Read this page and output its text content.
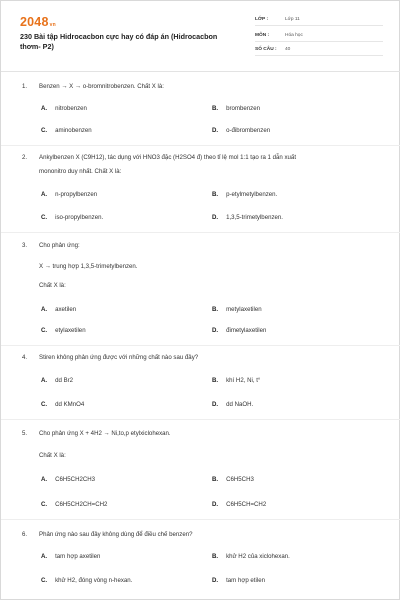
2048vn
230 Bài tập Hidrocacbon cực hay có đáp án (Hidrocacbon thơm- P2)
LỚP :	Lớp 11
MÔN :	Hóa học
SỐ CÂU : 40
1. Benzen → X → o-bromnitrobenzen. Chất X là:
A. nitrobenzen	B. brombenzen
C. aminobenzen	D. o-đibrombenzen
2. Ankylbenzen X (C9H12), tác dụng với HNO3 đặc (H2SO4 đ) theo tỉ lệ mol 1:1 tạo ra 1 dẫn xuất
mononitro duy nhất. Chất X là:
A. n-propylbenzen	B. p-etylmetylbenzen.
C. iso-propylbenzen.	D. 1,3,5-trimetylbenzen.
3. Cho phản ứng:
X → trung hợp 1,3,5-trimetylbenzen.
Chất X là:
A. axetilen	B. metylaxetilen
C. etylaxetilen	D. đimetylaxetilen
4. Stiren không phản ứng được với những chất nào sau đây?
A. dd Br2	B. khí H2, Ni, t°
C. dd KMnO4	D. dd NaOH.
5. Cho phản ứng X + 4H2 → Ni,to,p etylxiclohexan.
Chất X là:
A. C6H5CH2CH3	B. C6H5CH3
C. C6H5CH2CH=CH2	D. C6H5CH=CH2
6. Phản ứng nào sau đây không dùng để điều chế benzen?
A. tam hợp axetilen	B. khử H2 của xiclohexan.
C. khử H2, đóng vòng n-hexan.	D. tam hợp etilen
